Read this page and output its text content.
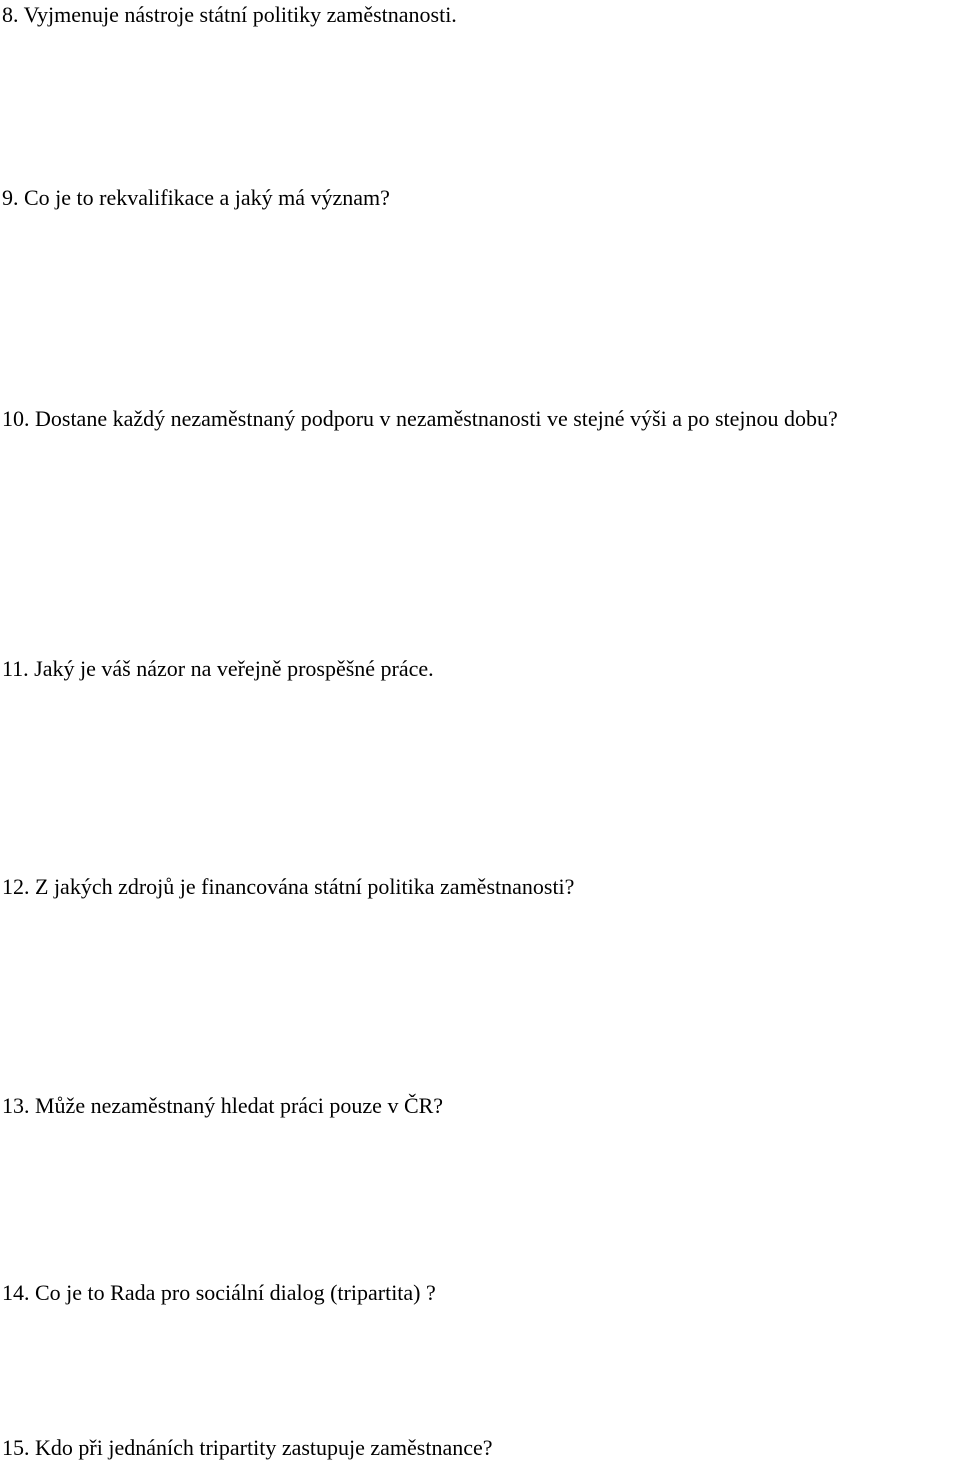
8. Vyjmenuje nástroje státní politiky zaměstnanosti.

9. Co je to rekvalifikace a jaký má význam?

10. Dostane každý nezaměstnaný podporu v nezaměstnanosti ve stejné výši a po stejnou dobu?

11. Jaký je váš názor na veřejně prospěšné práce.

12. Z jakých zdrojů je financována státní politika zaměstnanosti?

13. Může nezaměstnaný hledat práci pouze v ČR?

14. Co je to Rada pro sociální dialog (tripartita) ?

15. Kdo při jednáních tripartity zastupuje zaměstnance?
